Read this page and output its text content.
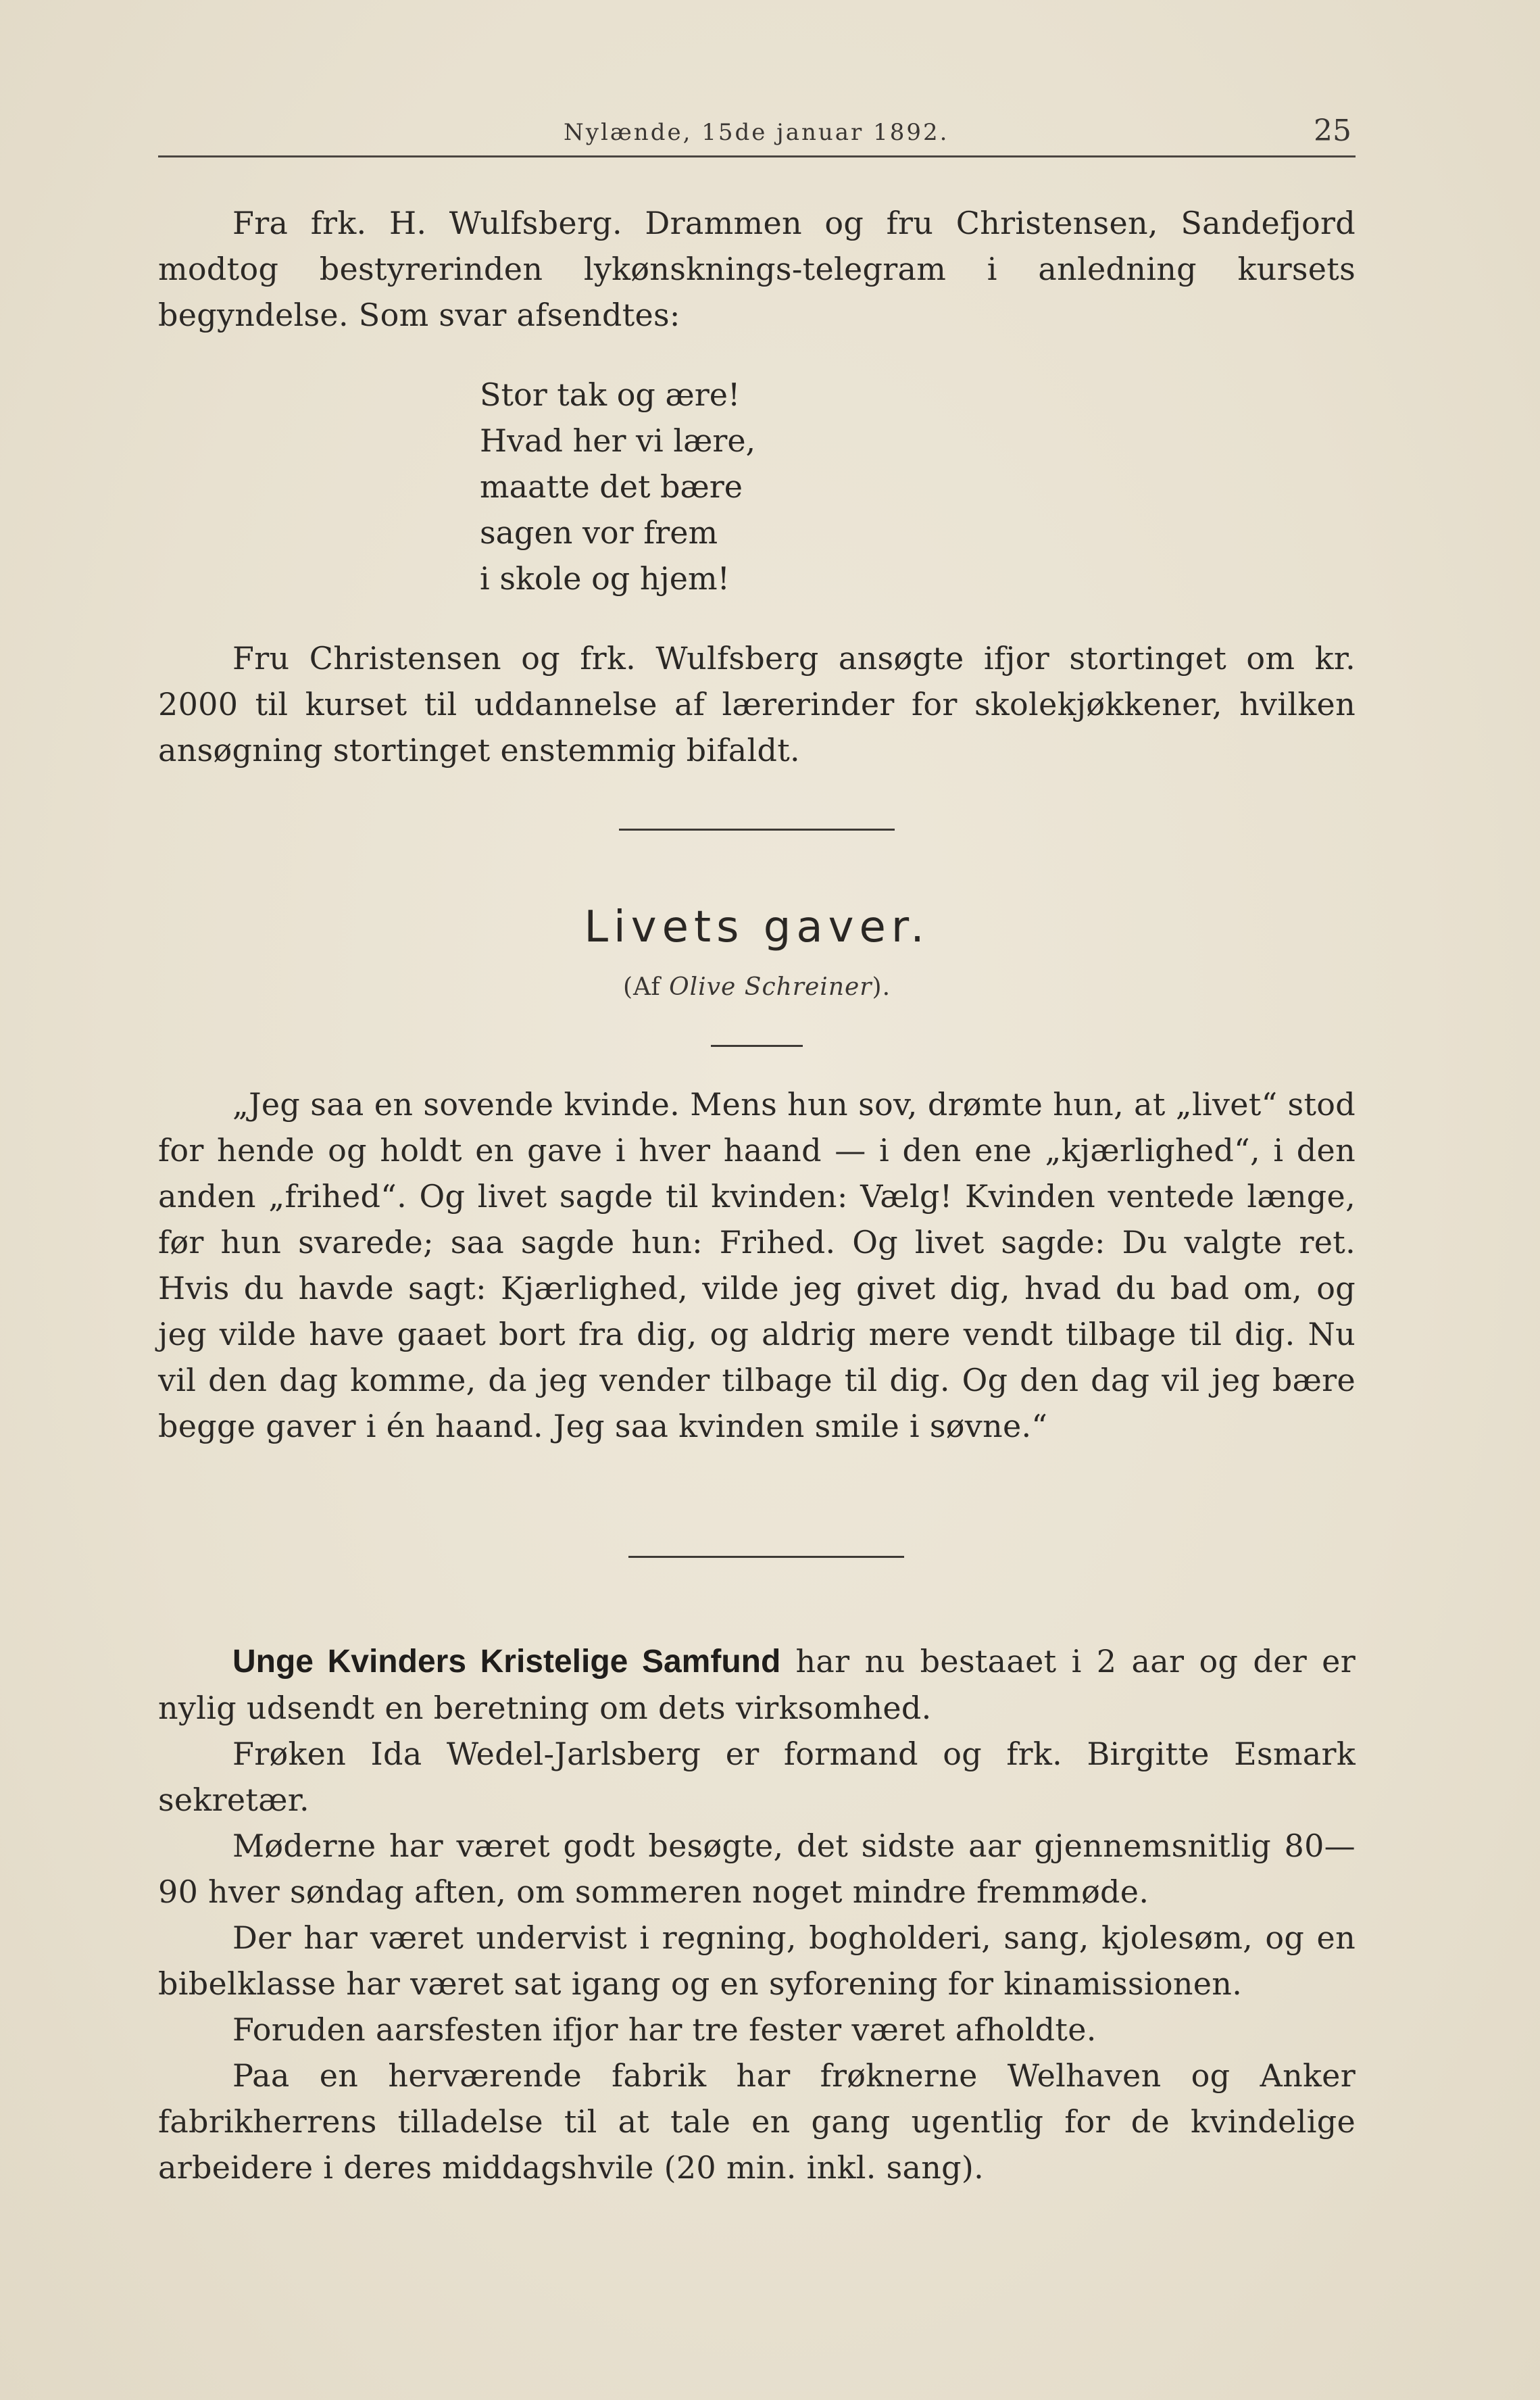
Nylænde, 15de januar 1892.	25

Fra frk. H. Wulfsberg. Drammen og fru Christensen, Sandefjord modtog bestyrerinden lykønsknings-telegram i anledning kursets begyndelse. Som svar afsendtes:

Stor tak og ære!
Hvad her vi lære,
maatte det bære
sagen vor frem
i skole og hjem!

Fru Christensen og frk. Wulfsberg ansøgte ifjor stortinget om kr. 2000 til kurset til uddannelse af lærerinder for skolekjøkkener, hvilken ansøgning stortinget enstemmig bifaldt.

Livets gaver.
(Af Olive Schreiner).

„Jeg saa en sovende kvinde. Mens hun sov, drømte hun, at „livet“ stod for hende og holdt en gave i hver haand — i den ene „kjærlighed“, i den anden „frihed“. Og livet sagde til kvinden: Vælg! Kvinden ventede længe, før hun svarede; saa sagde hun: Frihed. Og livet sagde: Du valgte ret. Hvis du havde sagt: Kjærlighed, vilde jeg givet dig, hvad du bad om, og jeg vilde have gaaet bort fra dig, og aldrig mere vendt tilbage til dig. Nu vil den dag komme, da jeg vender tilbage til dig. Og den dag vil jeg bære begge gaver i én haand. Jeg saa kvinden smile i søvne.“

Unge Kvinders Kristelige Samfund har nu bestaaet i 2 aar og der er nylig udsendt en beretning om dets virksomhed.

Frøken Ida Wedel-Jarlsberg er formand og frk. Birgitte Esmark sekretær.

Møderne har været godt besøgte, det sidste aar gjennemsnitlig 80—90 hver søndag aften, om sommeren noget mindre fremmøde.

Der har været undervist i regning, bogholderi, sang, kjolesøm, og en bibelklasse har været sat igang og en syforening for kinamissionen.

Foruden aarsfesten ifjor har tre fester været afholdte.

Paa en herværende fabrik har frøknerne Welhaven og Anker fabrikherrens tilladelse til at tale en gang ugentlig for de kvindelige arbeidere i deres middagshvile (20 min. inkl. sang).
